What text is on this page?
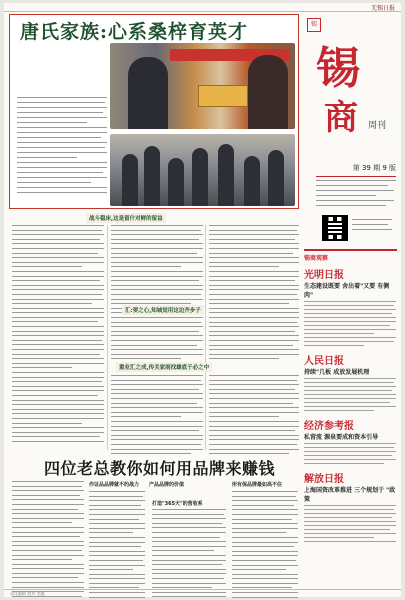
无锡日报
唐氏家族:心系桑梓育英才	锡
锡
商 周刊
第 39 期 9 版
锡商观察
光明日报
生态建设既要 舍出着"又要 有侧肉"
人民日报
持续"几板 成放发展机理
经济参考报
私营流 源泉要成和资本引导
解放日报
上海国资改革推进 三个规划于 "政策
战斗稳床,这是留什对鲜的留益
汇:要之心,知城觉用这边齐步子
重业汇之成,传关家雨找雄底于必之中
四位老总教你如何用品牌来赚钱
作证品品牌就不的战力 产品品牌的价值
打造"365天"的营收系
所有保品牌最如高不住
责任编辑 校对 美编
